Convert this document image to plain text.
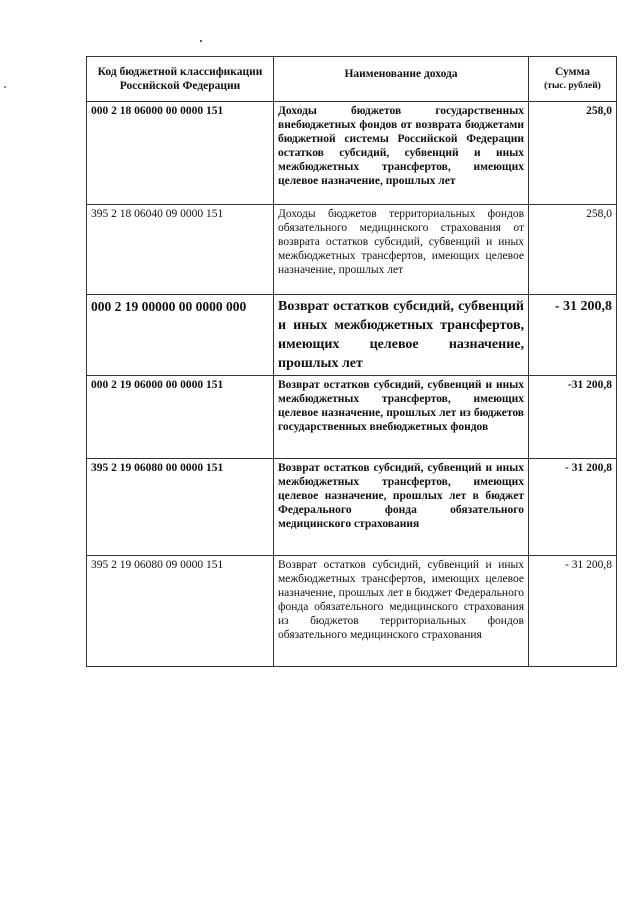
Код бюджетной классификации Российской Федерации	Наименование дохода	Сумма
(тыс. рублей)

000 2 18 06000 00 0000 151	Доходы бюджетов государственных внебюджетных фондов от возврата бюджетами бюджетной системы Российской Федерации остатков субсидий, субвенций и иных межбюджетных трансфертов, имеющих целевое назначение, прошлых лет	258,0
395 2 18 06040 09 0000 151	Доходы бюджетов территориальных фондов обязательного медицинского страхования от возврата остатков субсидий, субвенций и иных межбюджетных трансфертов, имеющих целевое назначение, прошлых лет	258,0
000 2 19 00000 00 0000 000	Возврат остатков субсидий, субвенций и иных межбюджетных трансфертов, имеющих целевое назначение, прошлых лет	- 31 200,8
000 2 19 06000 00 0000 151	Возврат остатков субсидий, субвенций и иных межбюджетных трансфертов, имеющих целевое назначение, прошлых лет из бюджетов государственных внебюджетных фондов	-31 200,8
395 2 19 06080 00 0000 151	Возврат остатков субсидий, субвенций и иных межбюджетных трансфертов, имеющих целевое назначение, прошлых лет в бюджет Федерального фонда обязательного медицинского страхования	- 31 200,8
395 2 19 06080 09 0000 151	Возврат остатков субсидий, субвенций и иных межбюджетных трансфертов, имеющих целевое назначение, прошлых лет в бюджет Федерального фонда обязательного медицинского страхования из бюджетов территориальных фондов обязательного медицинского страхования	- 31 200,8
